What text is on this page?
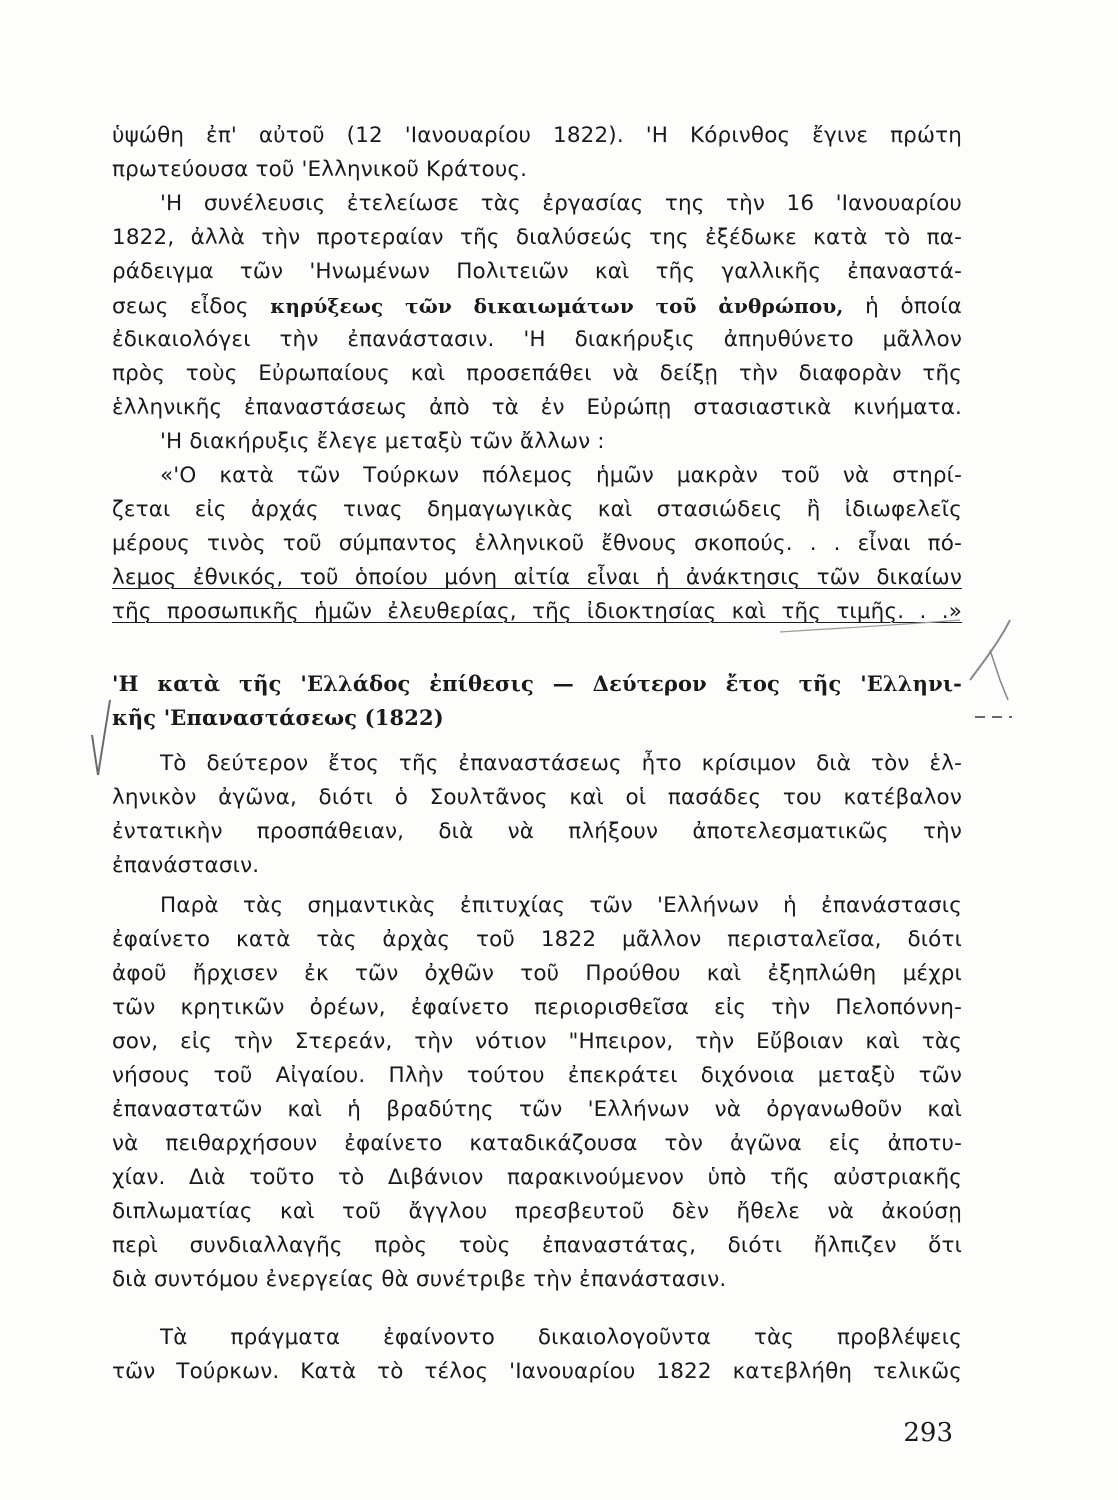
ὑψώθη ἐπ' αὐτοῦ (12 'Ιανουαρίου 1822). 'Η Κόρινθος ἔγινε πρώτη
πρωτεύουσα τοῦ 'Ελληνικοῦ Κράτους.
'Η συνέλευσις ἐτελείωσε τὰς ἐργασίας της τὴν 16 'Ιανουαρίου
1822, ἀλλὰ τὴν προτεραίαν τῆς διαλύσεώς της ἐξέδωκε κατὰ τὸ πα-
ράδειγμα τῶν 'Ηνωμένων Πολιτειῶν καὶ τῆς γαλλικῆς ἐπαναστά-
σεως εἶδος κηρύξεως τῶν δικαιωμάτων τοῦ ἀνθρώπου, ἡ ὁποία
ἐδικαιολόγει τὴν ἐπανάστασιν. 'Η διακήρυξις ἀπηυθύνετο μᾶλλον
πρὸς τοὺς Εὐρωπαίους καὶ προσεπάθει νὰ δείξῃ τὴν διαφορὰν τῆς
ἑλληνικῆς ἐπαναστάσεως ἀπὸ τὰ ἐν Εὐρώπῃ στασιαστικὰ κινήματα.
'Η διακήρυξις ἔλεγε μεταξὺ τῶν ἄλλων :
«'Ο κατὰ τῶν Τούρκων πόλεμος ἡμῶν μακρὰν τοῦ νὰ στηρί-
ζεται εἰς ἀρχάς τινας δημαγωγικὰς καὶ στασιώδεις ἢ ἰδιωφελεῖς
μέρους τινὸς τοῦ σύμπαντος ἑλληνικοῦ ἔθνους σκοπούς. . . εἶναι πό-
λεμος ἐθνικός, τοῦ ὁποίου μόνη αἰτία εἶναι ἡ ἀνάκτησις τῶν δικαίων
τῆς προσωπικῆς ἡμῶν ἐλευθερίας, τῆς ἰδιοκτησίας καὶ τῆς τιμῆς. . .»
'Η κατὰ τῆς 'Ελλάδος ἐπίθεσις — Δεύτερον ἔτος τῆς 'Ελληνι-
κῆς 'Επαναστάσεως (1822)
Τὸ δεύτερον ἔτος τῆς ἐπαναστάσεως ἦτο κρίσιμον διὰ τὸν ἑλ-
ληνικὸν ἀγῶνα, διότι ὁ Σουλτᾶνος καὶ οἱ πασάδες του κατέβαλον
ἐντατικὴν προσπάθειαν, διὰ νὰ πλήξουν ἀποτελεσματικῶς τὴν
ἐπανάστασιν.
Παρὰ τὰς σημαντικὰς ἐπιτυχίας τῶν 'Ελλήνων ἡ ἐπανάστασις
ἐφαίνετο κατὰ τὰς ἀρχὰς τοῦ 1822 μᾶλλον περισταλεῖσα, διότι
ἀφοῦ ἤρχισεν ἐκ τῶν ὀχθῶν τοῦ Προύθου καὶ ἐξηπλώθη μέχρι
τῶν κρητικῶν ὀρέων, ἐφαίνετο περιορισθεῖσα εἰς τὴν Πελοπόννη-
σον, εἰς τὴν Στερεάν, τὴν νότιον "Ηπειρον, τὴν Εὔβοιαν καὶ τὰς
νήσους τοῦ Αἰγαίου. Πλὴν τούτου ἐπεκράτει διχόνοια μεταξὺ τῶν
ἐπαναστατῶν καὶ ἡ βραδύτης τῶν 'Ελλήνων νὰ ὀργανωθοῦν καὶ
νὰ πειθαρχήσουν ἐφαίνετο καταδικάζουσα τὸν ἀγῶνα εἰς ἀποτυ-
χίαν. Διὰ τοῦτο τὸ Διβάνιον παρακινούμενον ὑπὸ τῆς αὐστριακῆς
διπλωματίας καὶ τοῦ ἄγγλου πρεσβευτοῦ δὲν ἤθελε νὰ ἀκούσῃ
περὶ συνδιαλλαγῆς πρὸς τοὺς ἐπαναστάτας, διότι ἤλπιζεν ὅτι
διὰ συντόμου ἐνεργείας θὰ συνέτριβε τὴν ἐπανάστασιν.
Τὰ πράγματα ἐφαίνοντο δικαιολογοῦντα τὰς προβλέψεις
τῶν Τούρκων. Κατὰ τὸ τέλος 'Ιανουαρίου 1822 κατεβλήθη τελικῶς
293
